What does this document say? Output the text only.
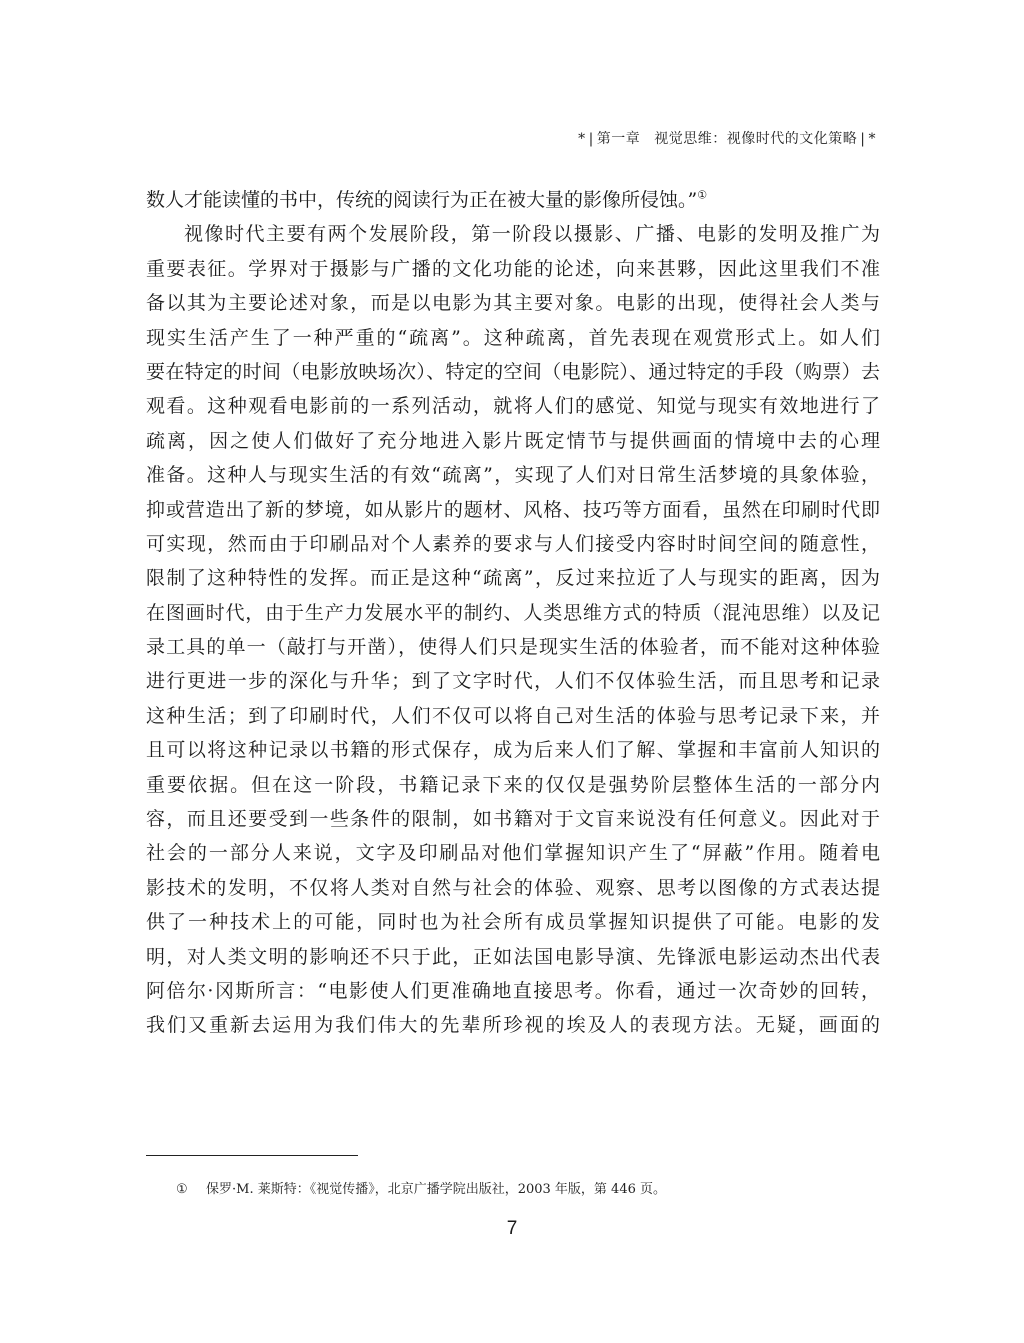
* | 第一章 视觉思维：视像时代的文化策略 | *
数人才能读懂的书中，传统的阅读行为正在被大量的影像所侵蚀。”①
视像时代主要有两个发展阶段，第一阶段以摄影、广播、电影的发明及推广为
重要表征。学界对于摄影与广播的文化功能的论述，向来甚夥，因此这里我们不准
备以其为主要论述对象，而是以电影为其主要对象。电影的出现，使得社会人类与
现实生活产生了一种严重的“疏离”。这种疏离，首先表现在观赏形式上。如人们
要在特定的时间（电影放映场次）、特定的空间（电影院）、通过特定的手段（购票）去
观看。这种观看电影前的一系列活动，就将人们的感觉、知觉与现实有效地进行了
疏离，因之使人们做好了充分地进入影片既定情节与提供画面的情境中去的心理
准备。这种人与现实生活的有效“疏离”，实现了人们对日常生活梦境的具象体验，
抑或营造出了新的梦境，如从影片的题材、风格、技巧等方面看，虽然在印刷时代即
可实现，然而由于印刷品对个人素养的要求与人们接受内容时时间空间的随意性，
限制了这种特性的发挥。而正是这种“疏离”，反过来拉近了人与现实的距离，因为
在图画时代，由于生产力发展水平的制约、人类思维方式的特质（混沌思维）以及记
录工具的单一（敲打与开凿），使得人们只是现实生活的体验者，而不能对这种体验
进行更进一步的深化与升华；到了文字时代，人们不仅体验生活，而且思考和记录
这种生活；到了印刷时代，人们不仅可以将自己对生活的体验与思考记录下来，并
且可以将这种记录以书籍的形式保存，成为后来人们了解、掌握和丰富前人知识的
重要依据。但在这一阶段，书籍记录下来的仅仅是强势阶层整体生活的一部分内
容，而且还要受到一些条件的限制，如书籍对于文盲来说没有任何意义。因此对于
社会的一部分人来说，文字及印刷品对他们掌握知识产生了“屏蔽”作用。随着电
影技术的发明，不仅将人类对自然与社会的体验、观察、思考以图像的方式表达提
供了一种技术上的可能，同时也为社会所有成员掌握知识提供了可能。电影的发
明，对人类文明的影响还不只于此，正如法国电影导演、先锋派电影运动杰出代表
阿倍尔·冈斯所言：“电影使人们更准确地直接思考。你看，通过一次奇妙的回转，
我们又重新去运用为我们伟大的先辈所珍视的埃及人的表现方法。无疑，画面的
① 保罗·M. 莱斯特：《视觉传播》，北京广播学院出版社，2003 年版，第 446 页。
7
